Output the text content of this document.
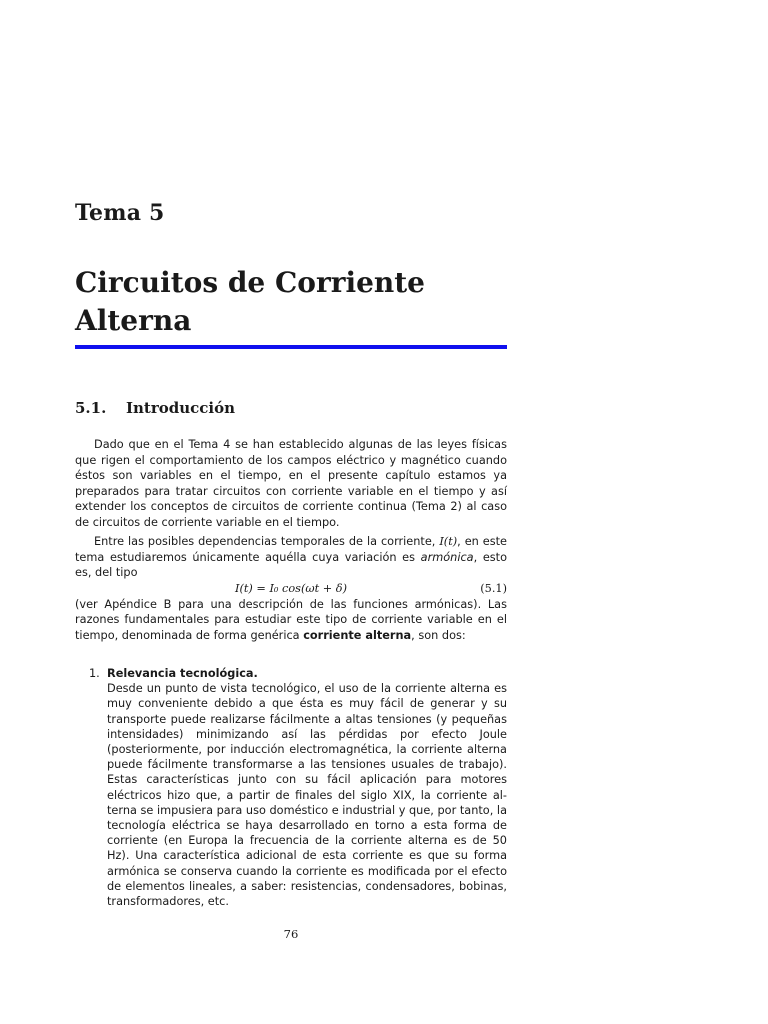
Tema 5
Circuitos de Corriente Alterna
5.1. Introducción

Dado que en el Tema 4 se han establecido algunas de las leyes físicas que rigen el comportamiento de los campos eléctrico y magnético cuando éstos son variables en el tiempo, en el presente capítulo estamos ya preparados para tratar circuitos con corriente variable en el tiempo y así extender los conceptos de circuitos de corriente continua (Tema 2) al caso de circuitos de corriente variable en el tiempo.

Entre las posibles dependencias temporales de la corriente, I(t), en este tema estudiaremos únicamente aquélla cuya variación es armónica, esto es, del tipo

I(t) = I₀ cos(ωt + δ)	(5.1)

(ver Apéndice B para una descripción de las funciones armónicas). Las razones fundamentales para estudiar este tipo de corriente variable en el tiempo, denominada de forma genérica corriente alterna, son dos:

1. Relevancia tecnológica.
Desde un punto de vista tecnológico, el uso de la corriente alterna es muy conveniente debido a que ésta es muy fácil de generar y su transporte puede realizarse fácilmente a altas tensiones (y pequeñas intensidades) minimizando así las pérdidas por efecto Joule (posteriormente, por inducción electromagnética, la corriente alterna puede fácilmente transformarse a las tensiones usuales de trabajo). Estas características junto con su fácil aplicación para motores eléctricos hizo que, a partir de finales del siglo XIX, la corriente alterna se impusiera para uso doméstico e industrial y que, por tanto, la tecnología eléctrica se haya desarrollado en torno a esta forma de corriente (en Europa la frecuencia de la corriente alterna es de 50 Hz). Una característica adicional de esta corriente es que su forma armónica se conserva cuando la corriente es modificada por el efecto de elementos lineales, a saber: resistencias, condensadores, bobinas, transformadores, etc.
76
